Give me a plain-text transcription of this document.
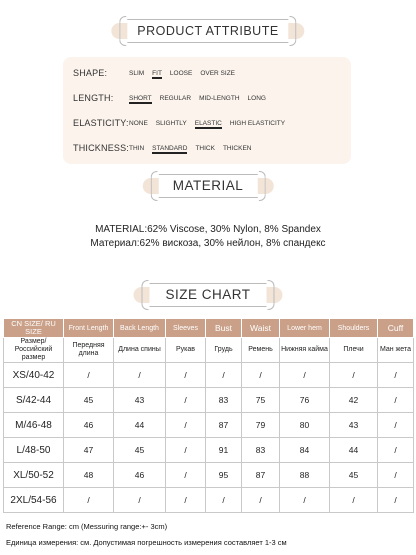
PRODUCT ATTRIBUTE
SHAPE:	SLIM FIT LOOSE OVER SIZE
LENGTH:	SHORT REGULAR MID-LENGTH LONG
ELASTICITY: NONE SLIGHTLY ELASTIC HIGH ELASTICITY
THICKNESS: THIN STANDARD THICK THICKEN
MATERIAL
MATERIAL:62% Viscose, 30% Nylon, 8% Spandex
Материал:62% вискоза, 30% нейлон, 8% спандекс
SIZE CHART
CN SIZE/ RU SIZE	Front Length	Back Length	Sleeves	Bust	Waist	Lower hem	Shoulders	Cuff
Размер/ Российский размер	Передняя длина	Длина спины	Рукав	Грудь	Ремень	Нижняя кайма	Плечи	Ман жета
XS/40-42	/	/	/	/	/	/	/	/
S/42-44	45	43	/	83	75	76	42	/
M/46-48	46	44	/	87	79	80	43	/
L/48-50	47	45	/	91	83	84	44	/
XL/50-52	48	46	/	95	87	88	45	/
2XL/54-56	/	/	/	/	/	/	/	/
Reference Range: cm (Messuring range:+- 3cm)
Единица измерения: см. Допустимая погрешность измерения составляет 1-3 см
